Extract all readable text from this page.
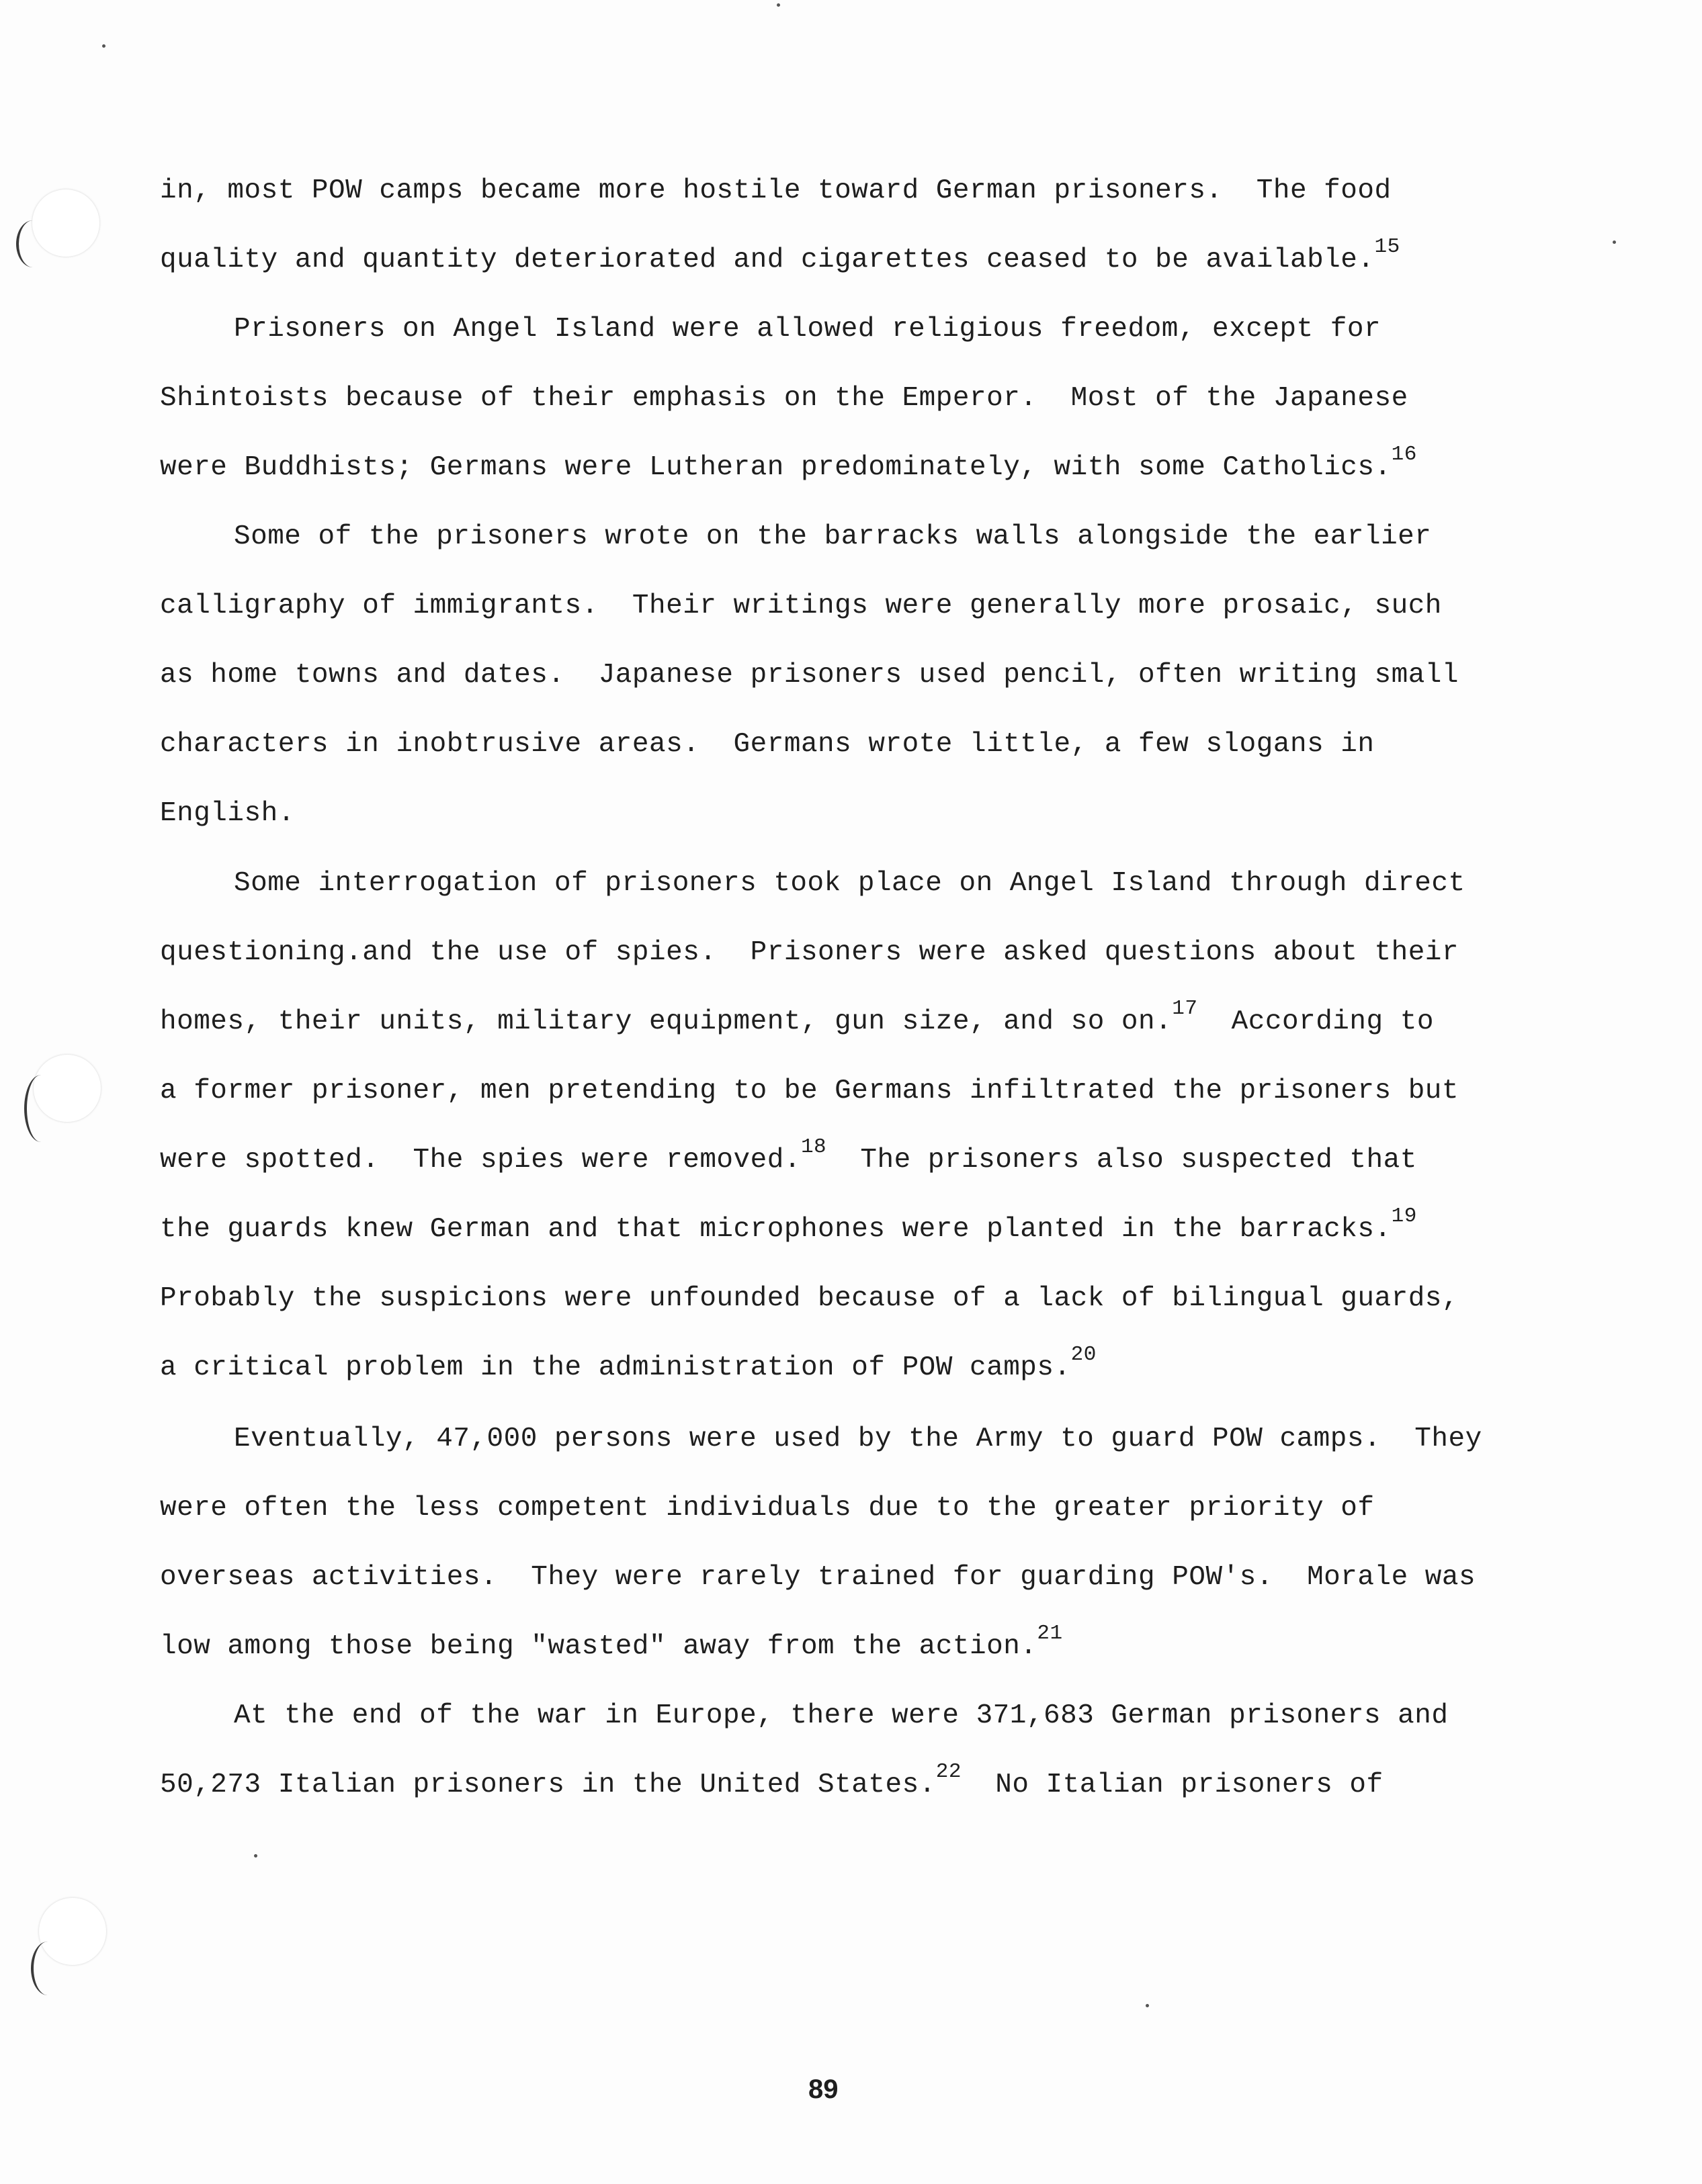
in, most POW camps became more hostile toward German prisoners.  The food
quality and quantity deteriorated and cigarettes ceased to be available.$^{15}$
Prisoners on Angel Island were allowed religious freedom, except for
Shintoists because of their emphasis on the Emperor.  Most of the Japanese
were Buddhists; Germans were Lutheran predominately, with some Catholics.$^{16}$
Some of the prisoners wrote on the barracks walls alongside the earlier
calligraphy of immigrants.  Their writings were generally more prosaic, such
as home towns and dates.  Japanese prisoners used pencil, often writing small
characters in inobtrusive areas.  Germans wrote little, a few slogans in
English.
Some interrogation of prisoners took place on Angel Island through direct
questioning.and the use of spies.  Prisoners were asked questions about their
homes, their units, military equipment, gun size, and so on.$^{17}$  According to
a former prisoner, men pretending to be Germans infiltrated the prisoners but
were spotted.  The spies were removed.$^{18}$  The prisoners also suspected that
the guards knew German and that microphones were planted in the barracks.$^{19}$
Probably the suspicions were unfounded because of a lack of bilingual guards,
a critical problem in the administration of POW camps.$^{20}$
Eventually, 47,000 persons were used by the Army to guard POW camps.  They
were often the less competent individuals due to the greater priority of
overseas activities.  They were rarely trained for guarding POW's.  Morale was
low among those being "wasted" away from the action.$^{21}$
At the end of the war in Europe, there were 371,683 German prisoners and
50,273 Italian prisoners in the United States.$^{22}$  No Italian prisoners of
89
